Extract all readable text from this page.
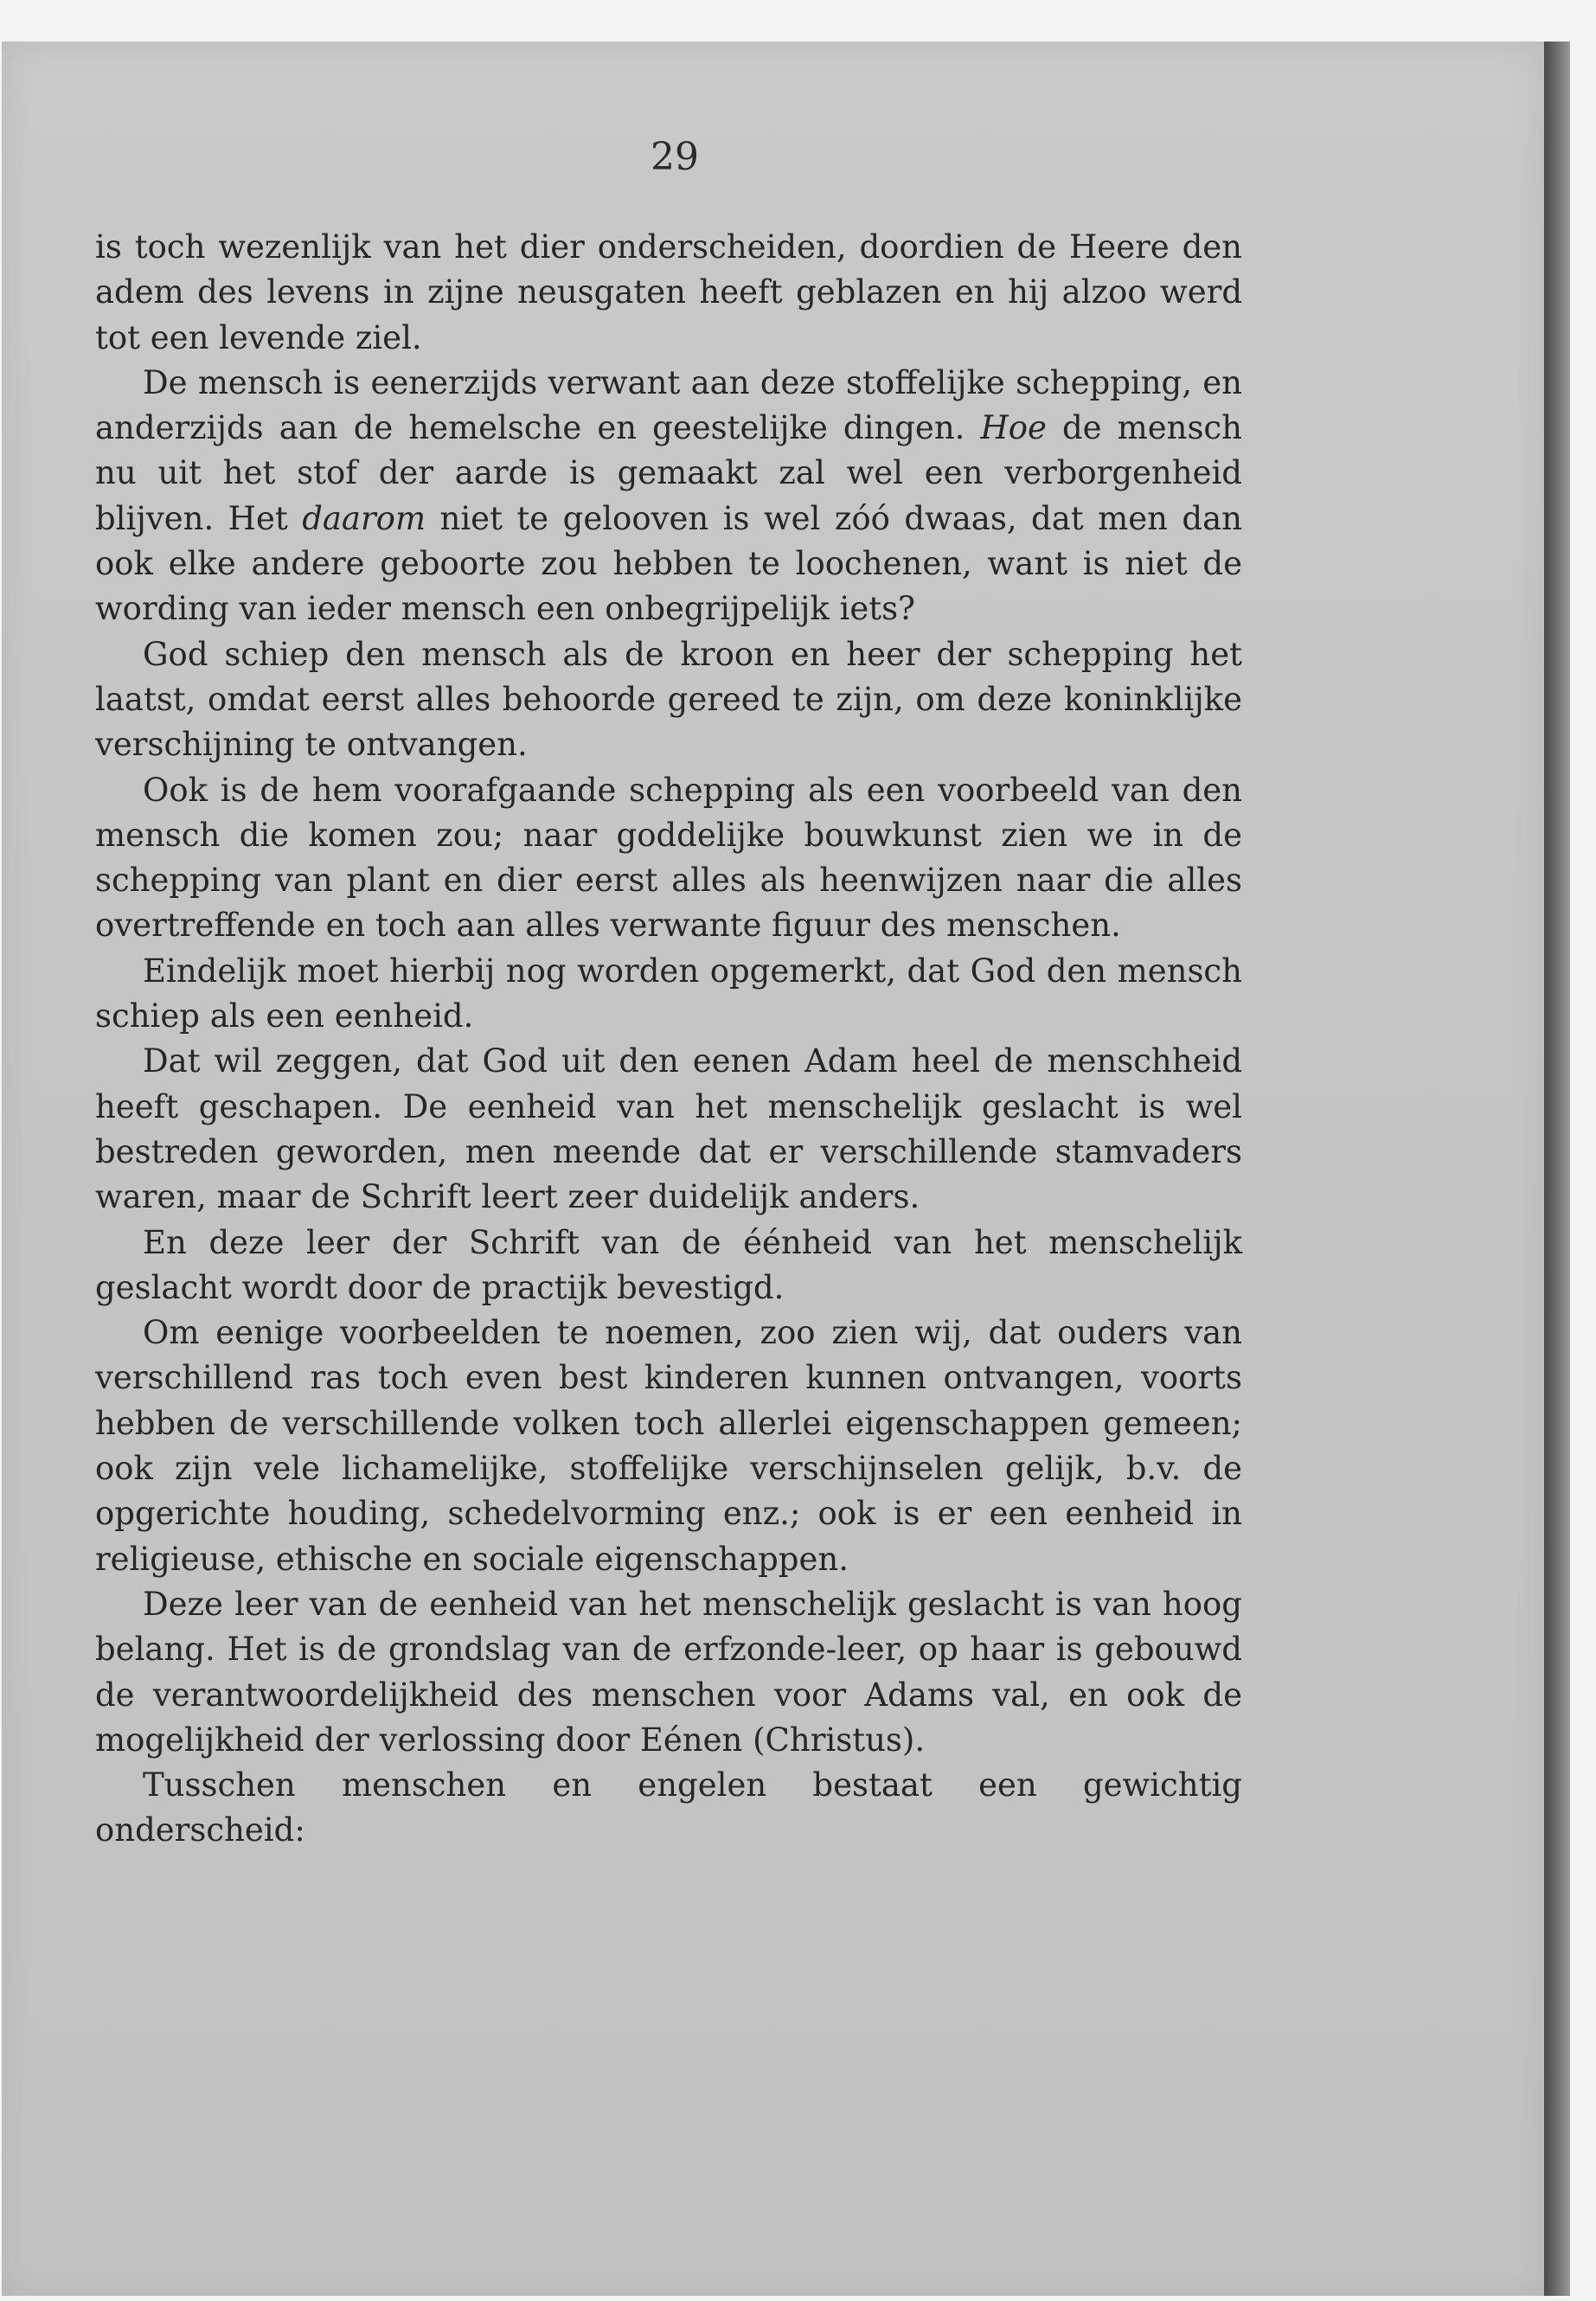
29

is toch wezenlijk van het dier onderscheiden, doordien de Heere den adem des levens in zijne neusgaten heeft geblazen en hij alzoo werd tot een levende ziel.

De mensch is eenerzijds verwant aan deze stoffelijke schepping, en anderzijds aan de hemelsche en geestelijke dingen. Hoe de mensch nu uit het stof der aarde is gemaakt zal wel een verborgenheid blijven. Het daarom niet te gelooven is wel zóó dwaas, dat men dan ook elke andere geboorte zou hebben te loochenen, want is niet de wording van ieder mensch een onbegrijpelijk iets?

God schiep den mensch als de kroon en heer der schepping het laatst, omdat eerst alles behoorde gereed te zijn, om deze koninklijke verschijning te ontvangen.

Ook is de hem voorafgaande schepping als een voorbeeld van den mensch die komen zou; naar goddelijke bouwkunst zien we in de schepping van plant en dier eerst alles als heenwijzen naar die alles overtreffende en toch aan alles verwante figuur des menschen.

Eindelijk moet hierbij nog worden opgemerkt, dat God den mensch schiep als een eenheid.

Dat wil zeggen, dat God uit den eenen Adam heel de menschheid heeft geschapen. De eenheid van het menschelijk geslacht is wel bestreden geworden, men meende dat er verschillende stamvaders waren, maar de Schrift leert zeer duidelijk anders.

En deze leer der Schrift van de éénheid van het menschelijk geslacht wordt door de practijk bevestigd.

Om eenige voorbeelden te noemen, zoo zien wij, dat ouders van verschillend ras toch even best kinderen kunnen ontvangen, voorts hebben de verschillende volken toch allerlei eigenschappen gemeen; ook zijn vele lichamelijke, stoffelijke verschijnselen gelijk, b.v. de opgerichte houding, schedelvorming enz.; ook is er een eenheid in religieuse, ethische en sociale eigenschappen.

Deze leer van de eenheid van het menschelijk geslacht is van hoog belang. Het is de grondslag van de erfzonde-leer, op haar is gebouwd de verantwoordelijkheid des menschen voor Adams val, en ook de mogelijkheid der verlossing door Eénen (Christus).

Tusschen menschen en engelen bestaat een gewichtig onderscheid:
